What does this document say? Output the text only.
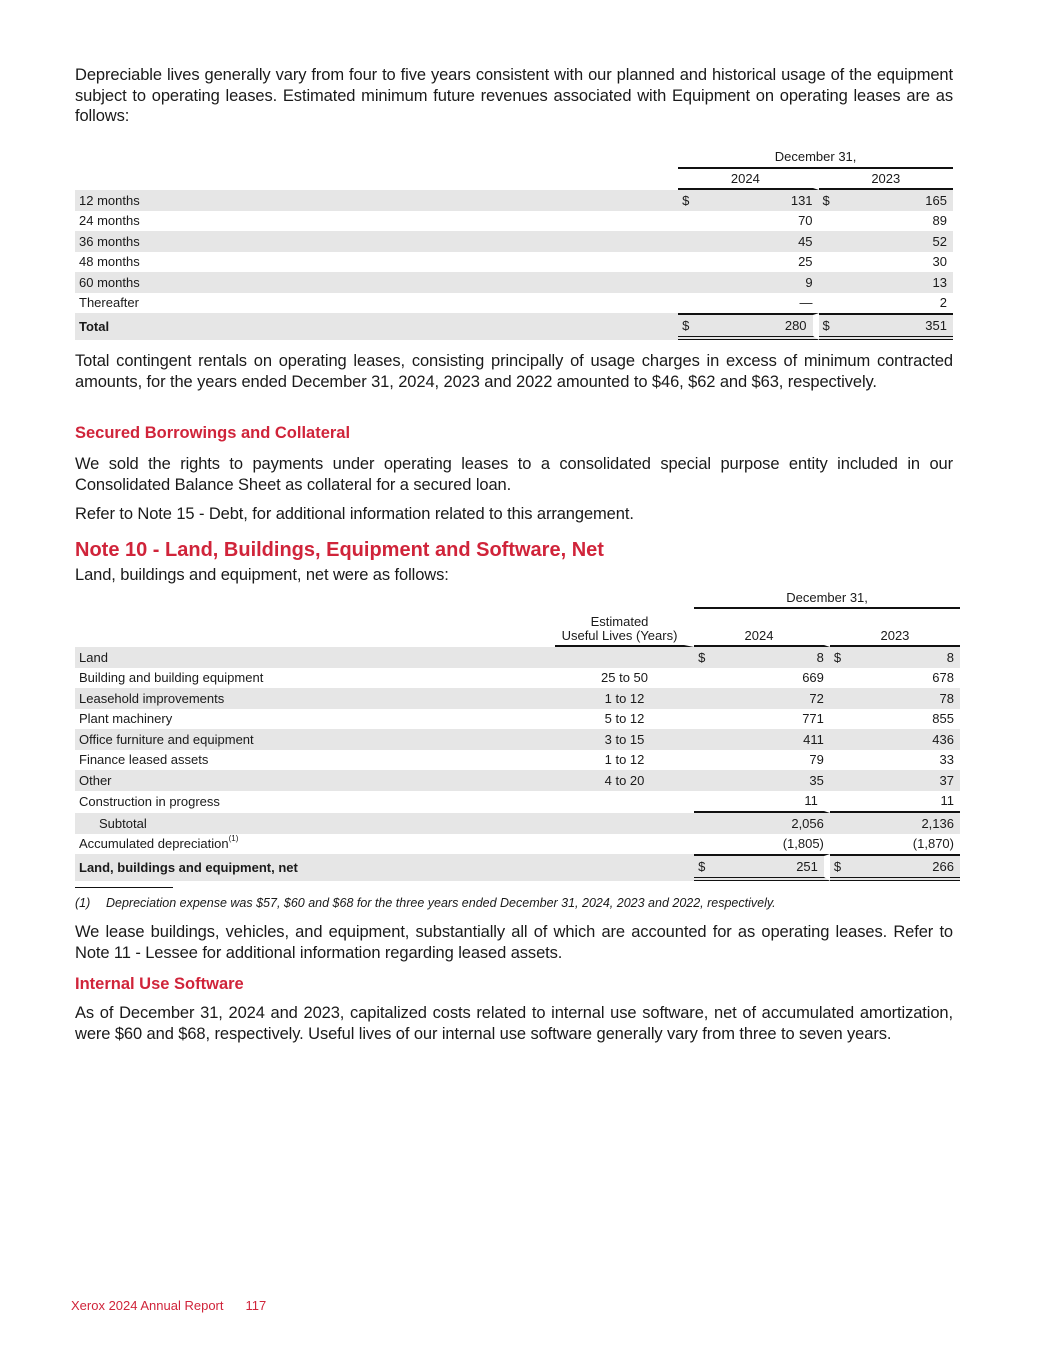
Depreciable lives generally vary from four to five years consistent with our planned and historical usage of the equipment subject to operating leases. Estimated minimum future revenues associated with Equipment on operating leases are as follows:

	December 31,			
	2024		2023	
12 months	$	131	$	165
24 months		70		89
36 months		45		52
48 months		25		30
60 months		9		13
Thereafter		—		2
Total	$	280	$	351

Total contingent rentals on operating leases, consisting principally of usage charges in excess of minimum contracted amounts, for the years ended December 31, 2024, 2023 and 2022 amounted to $46, $62 and $63, respectively.

Secured Borrowings and Collateral

We sold the rights to payments under operating leases to a consolidated special purpose entity included in our Consolidated Balance Sheet as collateral for a secured loan.

Refer to Note 15 - Debt, for additional information related to this arrangement.

Note 10 - Land, Buildings, Equipment and Software, Net

Land, buildings and equipment, net were as follows:

		December 31,			

	Estimated
Useful Lives (Years)	2024		2023	
Land		$	8	$	8
Building and building equipment	25 to 50		669		678
Leasehold improvements	1 to 12		72		78
Plant machinery	5 to 12		771		855
Office furniture and equipment	3 to 15		411		436
Finance leased assets	1 to 12		79		33
Other	4 to 20		35		37
Construction in progress			11		11
Subtotal			2,056		2,136
Accumulated depreciation$^{(1)}$			(1,805)		(1,870)
Land, buildings and equipment, net		$	251	$	266
(1) Depreciation expense was $57, $60 and $68 for the three years ended December 31, 2024, 2023 and 2022, respectively.

We lease buildings, vehicles, and equipment, substantially all of which are accounted for as operating leases. Refer to Note 11 - Lessee for additional information regarding leased assets.

Internal Use Software

As of December 31, 2024 and 2023, capitalized costs related to internal use software, net of accumulated amortization, were $60 and $68, respectively. Useful lives of our internal use software generally vary from three to seven years.

Xerox 2024 Annual Report 117
